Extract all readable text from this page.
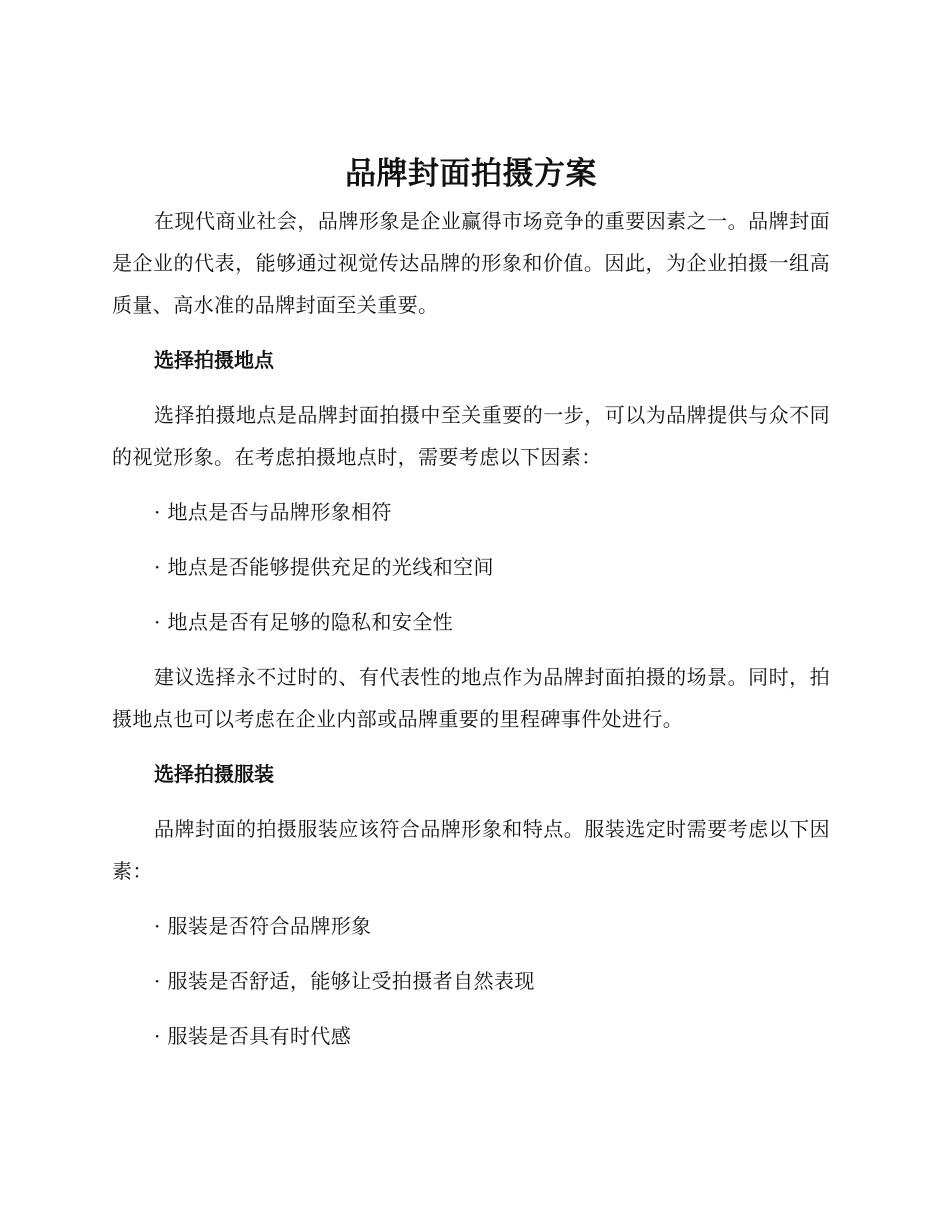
品牌封面拍摄方案

在现代商业社会，品牌形象是企业赢得市场竞争的重要因素之一。品牌封面是企业的代表，能够通过视觉传达品牌的形象和价值。因此，为企业拍摄一组高质量、高水准的品牌封面至关重要。

选择拍摄地点

选择拍摄地点是品牌封面拍摄中至关重要的一步，可以为品牌提供与众不同的视觉形象。在考虑拍摄地点时，需要考虑以下因素：

· 地点是否与品牌形象相符

· 地点是否能够提供充足的光线和空间

· 地点是否有足够的隐私和安全性

建议选择永不过时的、有代表性的地点作为品牌封面拍摄的场景。同时，拍摄地点也可以考虑在企业内部或品牌重要的里程碑事件处进行。

选择拍摄服装

品牌封面的拍摄服装应该符合品牌形象和特点。服装选定时需要考虑以下因素：

· 服装是否符合品牌形象

· 服装是否舒适，能够让受拍摄者自然表现

· 服装是否具有时代感
